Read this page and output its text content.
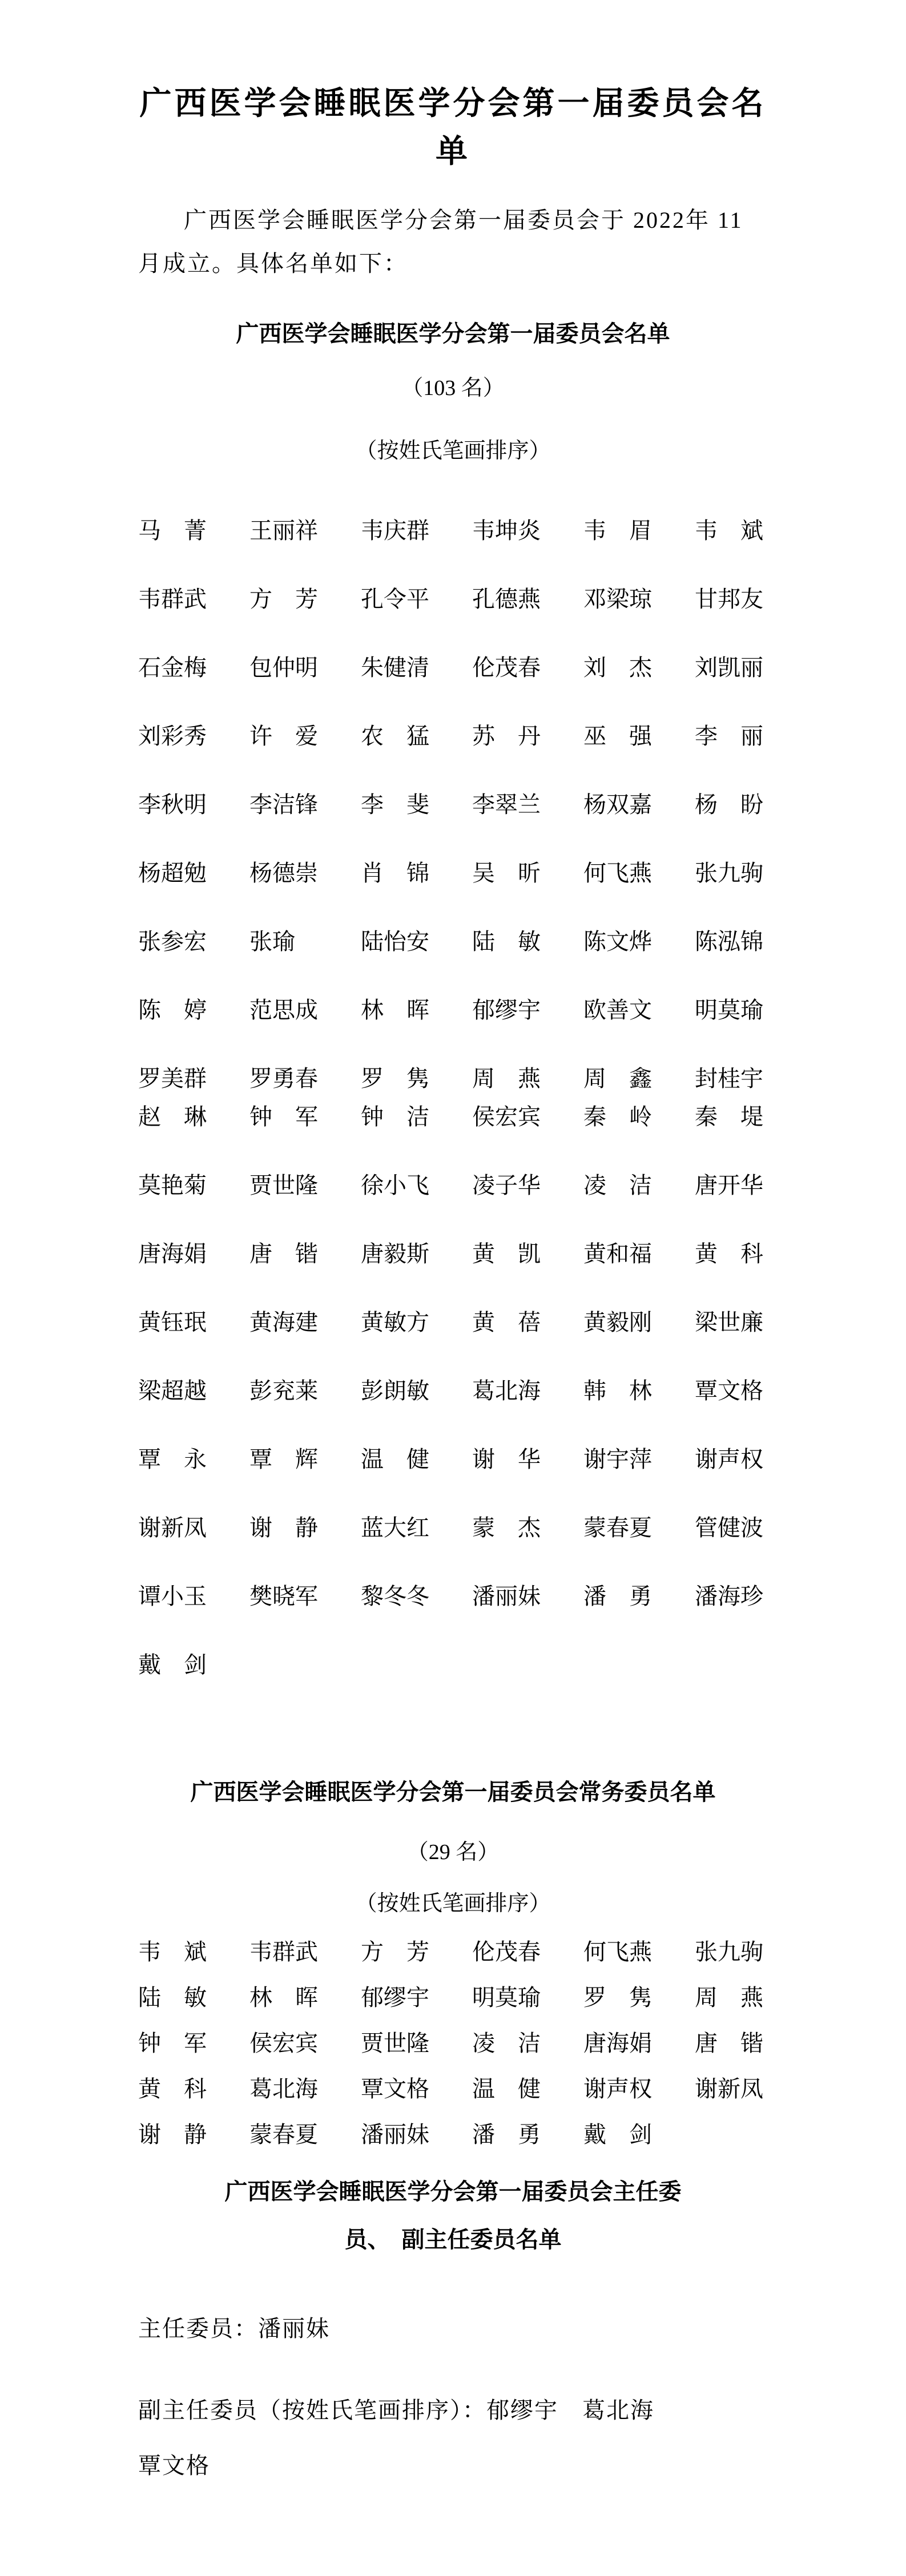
广西医学会睡眠医学分会第一届委员会名
单
广西医学会睡眠医学分会第一届委员会于 2022年 11
月成立。具体名单如下：
广西医学会睡眠医学分会第一届委员会名单
（103 名）
（按姓氏笔画排序）
马　菁	王丽祥	韦庆群	韦坤炎	韦　眉	韦　斌
韦群武	方　芳	孔令平	孔德燕	邓梁琼	甘邦友
石金梅	包仲明	朱健清	伦茂春	刘　杰	刘凯丽
刘彩秀	许　爱	农　猛	苏　丹	巫　强	李　丽
李秋明	李洁锋	李　斐	李翠兰	杨双嘉	杨　盼
杨超勉	杨德崇	肖　锦	吴　昕	何飞燕	张九驹
张参宏	张瑜	陆怡安	陆　敏	陈文烨	陈泓锦
陈　婷	范思成	林　晖	郁缪宇	欧善文	明莫瑜
罗美群	罗勇春	罗　隽	周　燕	周　鑫	封桂宇
赵　琳	钟　军	钟　洁	侯宏宾	秦　岭	秦　堤
莫艳菊	贾世隆	徐小飞	凌子华	凌　洁	唐开华
唐海娟	唐　锴	唐毅斯	黄　凯	黄和福	黄　科
黄钰珉	黄海建	黄敏方	黄　蓓	黄毅刚	梁世廉
梁超越	彭兖莱	彭朗敏	葛北海	韩　林	覃文格
覃　永	覃　辉	温　健	谢　华	谢宇萍	谢声权
谢新凤	谢　静	蓝大红	蒙　杰	蒙春夏	管健波
谭小玉	樊晓军	黎冬冬	潘丽妹	潘　勇	潘海珍
戴　剑
广西医学会睡眠医学分会第一届委员会常务委员名单
（29 名）
（按姓氏笔画排序）
韦　斌	韦群武	方　芳	伦茂春	何飞燕	张九驹
陆　敏	林　晖	郁缪宇	明莫瑜	罗　隽	周　燕
钟　军	侯宏宾	贾世隆	凌　洁	唐海娟	唐　锴
黄　科	葛北海	覃文格	温　健	谢声权	谢新凤
谢　静	蒙春夏	潘丽妹	潘　勇	戴　剑
广西医学会睡眠医学分会第一届委员会主任委
员、　副主任委员名单
主任委员：潘丽妹
副主任委员（按姓氏笔画排序）：郁缪宇　葛北海
覃文格
